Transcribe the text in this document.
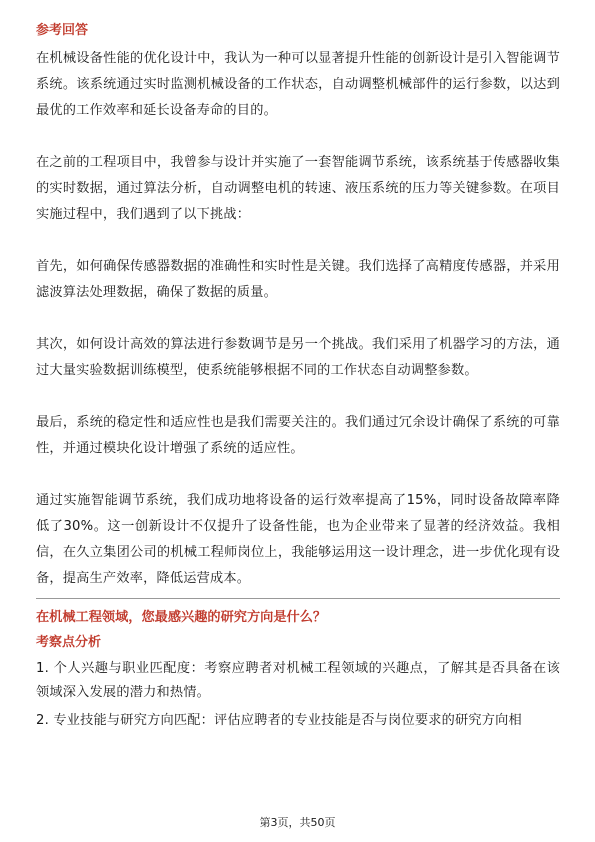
参考回答

在机械设备性能的优化设计中，我认为一种可以显著提升性能的创新设计是引入智能调节系统。该系统通过实时监测机械设备的工作状态，自动调整机械部件的运行参数，以达到最优的工作效率和延长设备寿命的目的。

在之前的工程项目中，我曾参与设计并实施了一套智能调节系统，该系统基于传感器收集的实时数据，通过算法分析，自动调整电机的转速、液压系统的压力等关键参数。在项目实施过程中，我们遇到了以下挑战：

首先，如何确保传感器数据的准确性和实时性是关键。我们选择了高精度传感器，并采用滤波算法处理数据，确保了数据的质量。

其次，如何设计高效的算法进行参数调节是另一个挑战。我们采用了机器学习的方法，通过大量实验数据训练模型，使系统能够根据不同的工作状态自动调整参数。

最后，系统的稳定性和适应性也是我们需要关注的。我们通过冗余设计确保了系统的可靠性，并通过模块化设计增强了系统的适应性。

通过实施智能调节系统，我们成功地将设备的运行效率提高了15%，同时设备故障率降低了30%。这一创新设计不仅提升了设备性能，也为企业带来了显著的经济效益。我相信，在久立集团公司的机械工程师岗位上，我能够运用这一设计理念，进一步优化现有设备，提高生产效率，降低运营成本。

在机械工程领域，您最感兴趣的研究方向是什么？
考察点分析

1. 个人兴趣与职业匹配度：考察应聘者对机械工程领域的兴趣点，了解其是否具备在该领域深入发展的潜力和热情。

2. 专业技能与研究方向匹配：评估应聘者的专业技能是否与岗位要求的研究方向相

第3页，共50页
